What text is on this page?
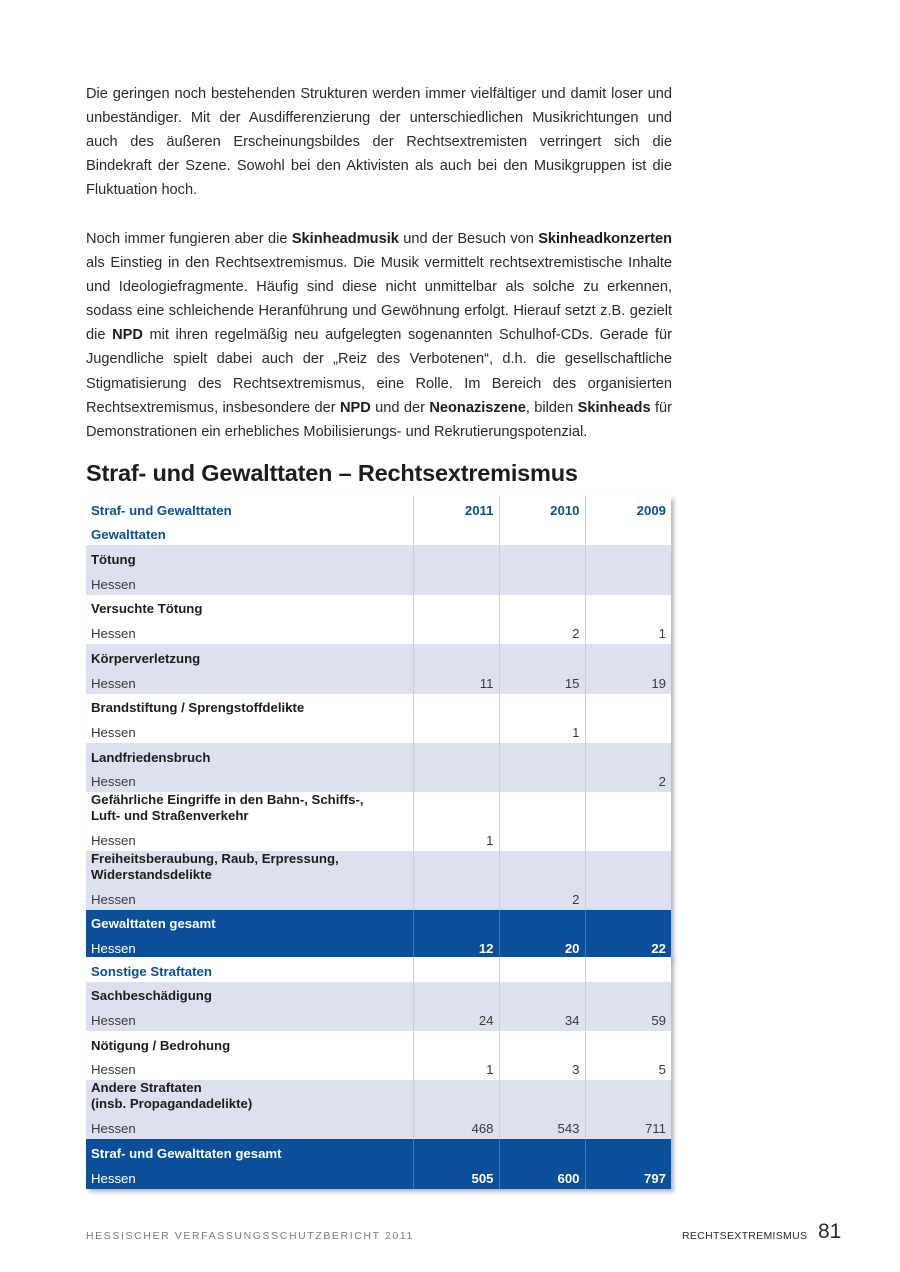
Die geringen noch bestehenden Strukturen werden immer vielfältiger und damit loser und unbeständiger. Mit der Ausdifferenzierung der unterschiedlichen Musikrichtungen und auch des äußeren Erscheinungsbildes der Rechtsextremisten verringert sich die Bindekraft der Szene. Sowohl bei den Aktivisten als auch bei den Musikgruppen ist die Fluktuation hoch.

Noch immer fungieren aber die Skinheadmusik und der Besuch von Skinheadkonzerten als Einstieg in den Rechtsextremismus. Die Musik vermittelt rechtsextremistische Inhalte und Ideologiefragmente. Häufig sind diese nicht unmittelbar als solche zu erkennen, sodass eine schleichende Heranführung und Gewöhnung erfolgt. Hierauf setzt z.B. gezielt die NPD mit ihren regelmäßig neu aufgelegten sogenannten Schulhof-CDs. Gerade für Jugendliche spielt dabei auch der „Reiz des Verbotenen“, d.h. die gesellschaftliche Stigmatisierung des Rechtsextremismus, eine Rolle. Im Bereich des organisierten Rechtsextremismus, insbesondere der NPD und der Neonaziszene, bilden Skinheads für Demonstrationen ein erhebliches Mobilisierungs- und Rekrutierungspotenzial.

Straf- und Gewalttaten – Rechtsextremismus
Straf- und Gewalttaten	2011	2010	2009
Gewalttaten			
Tötung			
Hessen			
Versuchte Tötung			
Hessen		2	1
Körperverletzung			
Hessen	11	15	19
Brandstiftung / Sprengstoffdelikte			
Hessen		1	
Landfriedensbruch			
Hessen			2

Gefährliche Eingriffe in den Bahn-, Schiffs-,
Luft- und Straßenverkehr			

Hessen	1		

Freiheitsberaubung, Raub, Erpressung,
Widerstandsdelikte			

Hessen		2	
Gewalttaten gesamt			
Hessen	12	20	22
Sonstige Straftaten			
Sachbeschädigung			
Hessen	24	34	59
Nötigung / Bedrohung			
Hessen	1	3	5

Andere Straftaten
(insb. Propagandadelikte)			

Hessen	468	543	711
Straf- und Gewalttaten gesamt			
Hessen	505	600	797
HESSISCHER VERFASSUNGSSCHUTZBERICHT 2011	RECHTSEXTREMISMUS 81
